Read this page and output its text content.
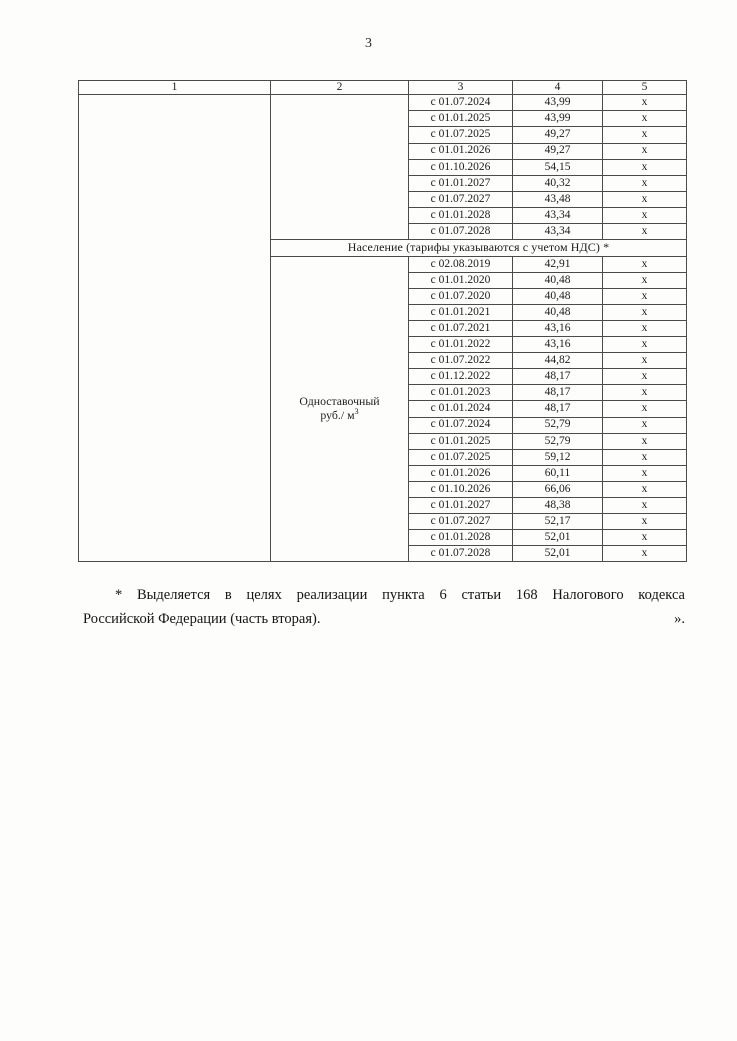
3
1	2	3	4	5
		с 01.07.2024	43,99	х
		с 01.01.2025	43,99	х
		с 01.07.2025	49,27	х
		с 01.01.2026	49,27	х
		с 01.10.2026	54,15	х
		с 01.01.2027	40,32	х
		с 01.07.2027	43,48	х
		с 01.01.2028	43,34	х
		с 01.07.2028	43,34	х
	Население (тарифы указываются с учетом НДС) *			

	Одноставочный
руб./ $м^3$	с 02.08.2019	42,91	х
		с 01.01.2020	40,48	х
		с 01.07.2020	40,48	х
		с 01.01.2021	40,48	х
		с 01.07.2021	43,16	х
		с 01.01.2022	43,16	х
		с 01.07.2022	44,82	х
		с 01.12.2022	48,17	х
		с 01.01.2023	48,17	х
		с 01.01.2024	48,17	х
		с 01.07.2024	52,79	х
		с 01.01.2025	52,79	х
		с 01.07.2025	59,12	х
		с 01.01.2026	60,11	х
		с 01.10.2026	66,06	х
		с 01.01.2027	48,38	х
		с 01.07.2027	52,17	х
		с 01.01.2028	52,01	х
		с 01.07.2028	52,01	х

* Выделяется в целях реализации пункта 6 статьи 168 Налогового кодекса
Российской Федерации (часть вторая).	».
